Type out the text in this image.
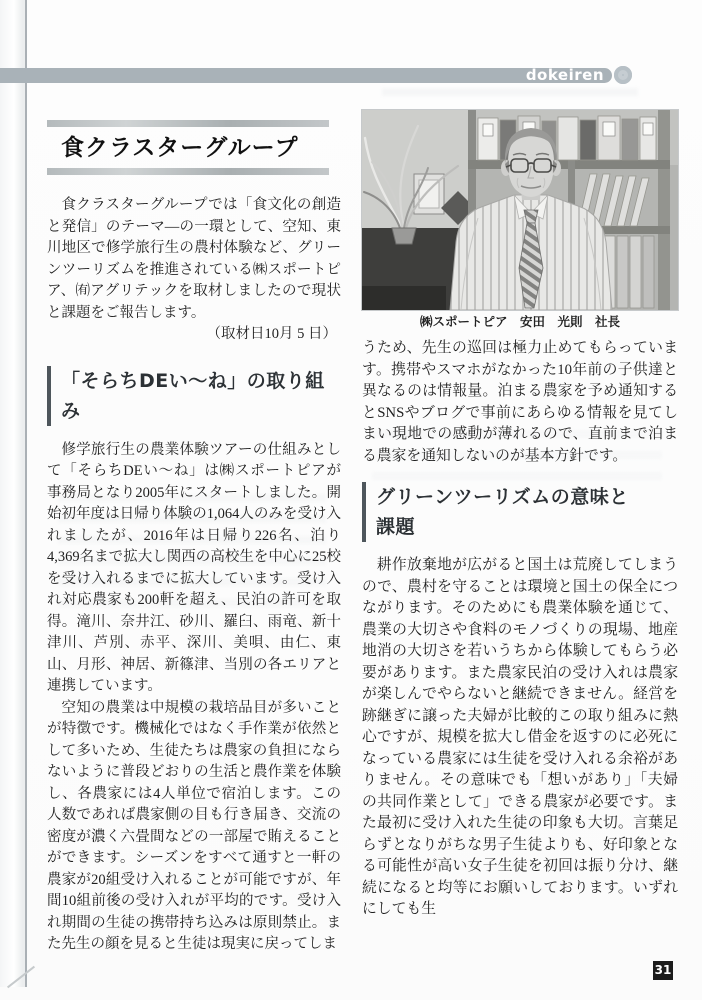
dokeiren
食クラスターグループ

食クラスターグループでは「食文化の創造と発信」のテーマ―の一環として、空知、東川地区で修学旅行生の農村体験など、グリーンツーリズムを推進されている㈱スポートピア、㈲アグリテックを取材しましたので現状と課題をご報告します。

（取材日10月 5 日）
「そらちDEい〜ね」の取り組み

修学旅行生の農業体験ツアーの仕組みとして「そらちDEい〜ね」は㈱スポートピアが事務局となり2005年にスタートしました。開始初年度は日帰り体験の1,064人のみを受け入れましたが、2016年は日帰り226名、泊り4,369名まで拡大し関西の高校生を中心に25校を受け入れるまでに拡大しています。受け入れ対応農家も200軒を超え、民泊の許可を取得。滝川、奈井江、砂川、羅臼、雨竜、新十津川、芦別、赤平、深川、美唄、由仁、東山、月形、神居、新篠津、当別の各エリアと連携しています。

空知の農業は中規模の栽培品目が多いことが特徴です。機械化ではなく手作業が依然として多いため、生徒たちは農家の負担にならないように普段どおりの生活と農作業を体験し、各農家には4人単位で宿泊します。この人数であれば農家側の目も行き届き、交流の密度が濃く六畳間などの一部屋で賄えることができます。シーズンをすべて通すと一軒の農家が20組受け入れることが可能ですが、年間10組前後の受け入れが平均的です。受け入れ期間の生徒の携帯持ち込みは原則禁止。また先生の顔を見ると生徒は現実に戻ってしま

㈱スポートピア　安田　光則　社長

うため、先生の巡回は極力止めてもらっています。携帯やスマホがなかった10年前の子供達と異なるのは情報量。泊まる農家を予め通知するとSNSやブログで事前にあらゆる情報を見てしまい現地での感動が薄れるので、直前まで泊まる農家を通知しないのが基本方針です。

グリーンツーリズムの意味と課題

耕作放棄地が広がると国土は荒廃してしまうので、農村を守ることは環境と国土の保全につながります。そのためにも農業体験を通じて、農業の大切さや食料のモノづくりの現場、地産地消の大切さを若いうちから体験してもらう必要があります。また農家民泊の受け入れは農家が楽しんでやらないと継続できません。経営を跡継ぎに譲った夫婦が比較的この取り組みに熱心ですが、規模を拡大し借金を返すのに必死になっている農家には生徒を受け入れる余裕がありません。その意味でも「想いがあり」「夫婦の共同作業として」できる農家が必要です。また最初に受け入れた生徒の印象も大切。言葉足らずとなりがちな男子生徒よりも、好印象となる可能性が高い女子生徒を初回は振り分け、継続になると均等にお願いしております。いずれにしても生

31
